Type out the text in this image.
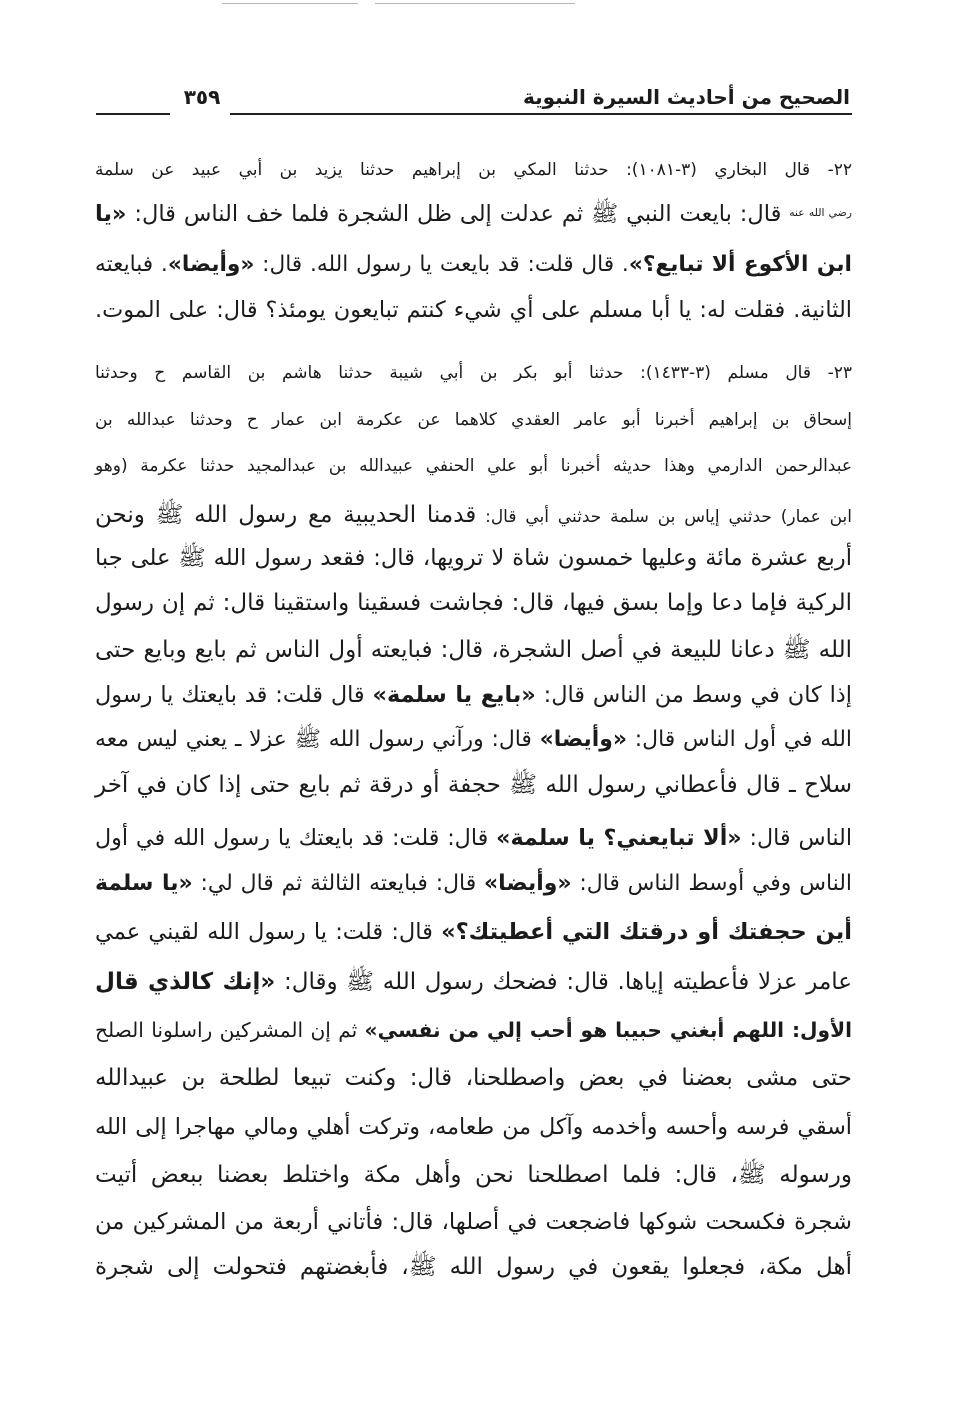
الصحيح من أحاديث السيرة النبوية
٣٥٩
٢٢- قال البخاري (٣-١٠٨١): حدثنا المكي بن إبراهيم حدثنا يزيد بن أبي عبيد عن سلمة
$^{رضي الله عنه}$ قال: بايعت النبي ﷺ ثم عدلت إلى ظل الشجرة فلما خف الناس قال: «يا
ابن الأكوع ألا تبايع؟». قال قلت: قد بايعت يا رسول الله. قال: «وأيضا». فبايعته
الثانية. فقلت له: يا أبا مسلم على أي شيء كنتم تبايعون يومئذ؟ قال: على الموت.
٢٣- قال مسلم (٣-١٤٣٣): حدثنا أبو بكر بن أبي شيبة حدثنا هاشم بن القاسم ح وحدثنا
إسحاق بن إبراهيم أخبرنا أبو عامر العقدي كلاهما عن عكرمة ابن عمار ح وحدثنا عبدالله بن
عبدالرحمن الدارمي وهذا حديثه أخبرنا أبو علي الحنفي عبيدالله بن عبدالمجيد حدثنا عكرمة (وهو
ابن عمار) حدثني إياس بن سلمة حدثني أبي قال: قدمنا الحديبية مع رسول الله ﷺ ونحن
أربع عشرة مائة وعليها خمسون شاة لا ترويها، قال: فقعد رسول الله ﷺ على جبا
الركية فإما دعا وإما بسق فيها، قال: فجاشت فسقينا واستقينا قال: ثم إن رسول
الله ﷺ دعانا للبيعة في أصل الشجرة، قال: فبايعته أول الناس ثم بايع وبايع حتى
إذا كان في وسط من الناس قال: «بايع يا سلمة» قال قلت: قد بايعتك يا رسول
الله في أول الناس قال: «وأيضا» قال: ورآني رسول الله ﷺ عزلا ـ يعني ليس معه
سلاح ـ قال فأعطاني رسول الله ﷺ حجفة أو درقة ثم بايع حتى إذا كان في آخر
الناس قال: «ألا تبايعني؟ يا سلمة» قال: قلت: قد بايعتك يا رسول الله في أول
الناس وفي أوسط الناس قال: «وأيضا» قال: فبايعته الثالثة ثم قال لي: «يا سلمة
أين حجفتك أو درقتك التي أعطيتك؟» قال: قلت: يا رسول الله لقيني عمي
عامر عزلا فأعطيته إياها. قال: فضحك رسول الله ﷺ وقال: «إنك كالذي قال
الأول: اللهم أبغني حبيبا هو أحب إلي من نفسي» ثم إن المشركين راسلونا الصلح
حتى مشى بعضنا في بعض واصطلحنا، قال: وكنت تبيعا لطلحة بن عبيدالله
أسقي فرسه وأحسه وأخدمه وآكل من طعامه، وتركت أهلي ومالي مهاجرا إلى الله
ورسوله ﷺ، قال: فلما اصطلحنا نحن وأهل مكة واختلط بعضنا ببعض أتيت
شجرة فكسحت شوكها فاضجعت في أصلها، قال: فأتاني أربعة من المشركين من
أهل مكة، فجعلوا يقعون في رسول الله ﷺ، فأبغضتهم فتحولت إلى شجرة
